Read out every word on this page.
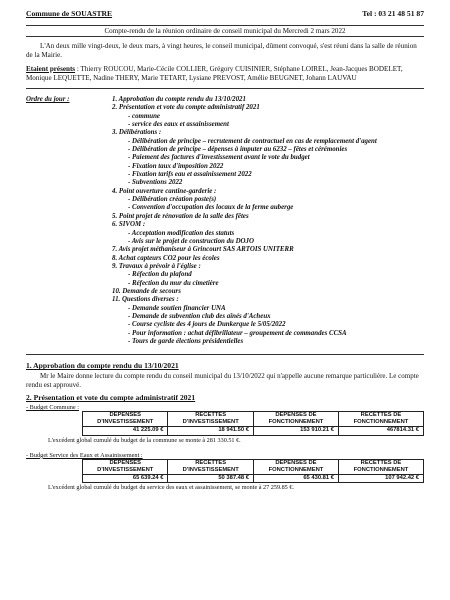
Commune de SOUASTRE	Tel : 03 21 48 51 87
Compte-rendu de la réunion ordinaire de conseil municipal du Mercredi 2 mars 2022
L'An deux mille vingt-deux, le deux mars, à vingt heures, le conseil municipal, dûment convoqué, s'est réuni dans la salle de réunion de la Mairie.
Etaient présents : Thierry ROUCOU, Marie-Cécile COLLIER, Grégory CUISINIER, Stéphane LOIREL, Jean-Jacques BODELET, Monique LEQUETTE, Nadine THERY, Marie TETART, Lysiane PREVOST, Amélie BEUGNET, Johann LAUVAU
Ordre du jour :	1. Approbation du compte rendu du 13/10/2021
2. Présentation et vote du compte administratif 2021
- commune
- service des eaux et assainissement
3. Délibérations :
- Délibération de principe – recrutement de contractuel en cas de remplacement d'agent
- Délibération de principe – dépenses à imputer au 6232 – fêtes et cérémonies
- Paiement des factures d'investissement avant le vote du budget
- Fixation taux d'imposition 2022
- Fixation tarifs eau et assainissement 2022
- Subventions 2022
4. Point ouverture cantine-garderie :
- Délibération création poste(s)
- Convention d'occupation des locaux de la ferme auberge
5. Point projet de rénovation de la salle des fêtes
6. SIVOM :
- Acceptation modification des statuts
- Avis sur le projet de construction du DOJO
7. Avis projet méthaniseur à Grincourt SAS ARTOIS UNITERR
8. Achat capteurs CO2 pour les écoles
9. Travaux à prévoir à l'église :
- Réfection du plafond
- Réfection du mur du cimetière
10. Demande de secours
11. Questions diverses :
- Demande soutien financier UNA
- Demande de subvention club des aînés d'Acheux
- Course cycliste des 4 jours de Dunkerque le 5/05/2022
- Pour information : achat défibrillateur – groupement de commandes CCSA
- Tours de garde élections présidentielles
1. Approbation du compte rendu du 13/10/2021
Mr le Maire donne lecture du compte rendu du conseil municipal du 13/10/2022 qui n'appelle aucune remarque particulière. Le compte rendu est approuvé.
2. Présentation et vote du compte administratif 2021
- Budget Commune :
DEPENSES D'INVESTISSEMENT	RECETTES D'INVESTISSEMENT	DEPENSES DE FONCTIONNEMENT	RECETTES DE FONCTIONNEMENT
41 225.09 €	18 941.50 €	153 910.21 €	467814.31 €
L'excédent global cumulé du budget de la commune se monte à 281 330.51 €.
- Budget Service des Eaux et Assainissement :
DEPENSES D'INVESTISSEMENT	RECETTES D'INVESTISSEMENT	DEPENSES DE FONCTIONNEMENT	RECETTES DE FONCTIONNEMENT
65 639.24 €	50 387.48 €	65 430.81 €	107 942.42 €
L'excédent global cumulé du budget du service des eaux et assainissement, se monte à 27 259.85 €.
